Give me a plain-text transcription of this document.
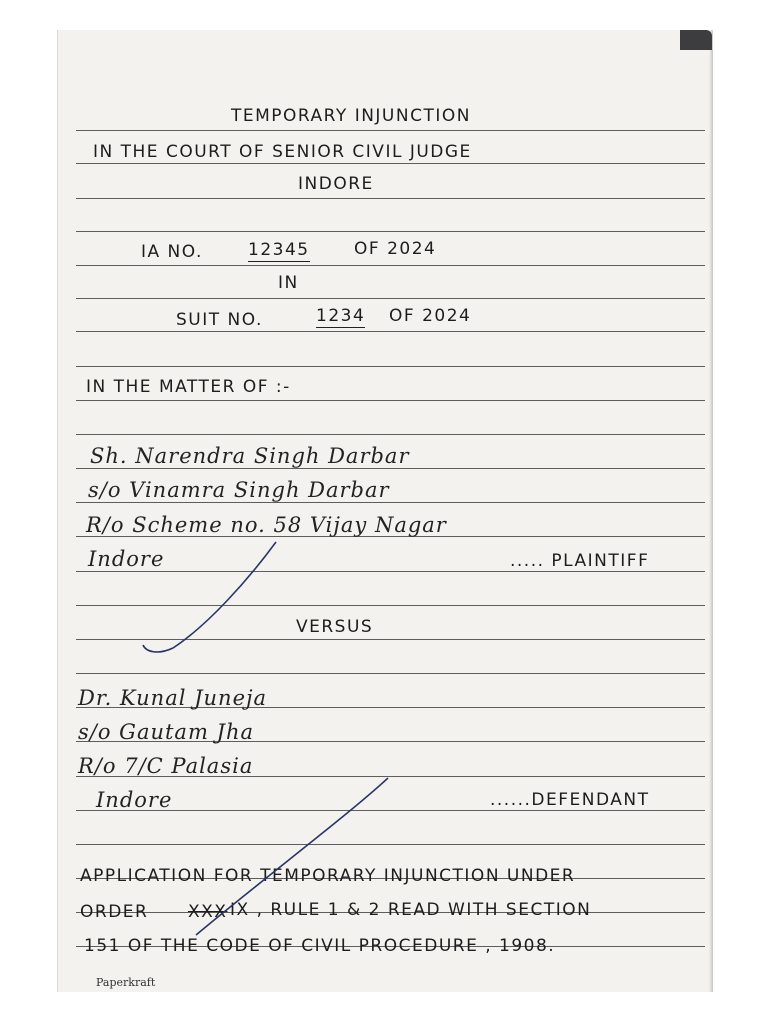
TEMPORARY INJUNCTION
IN THE COURT OF SENIOR CIVIL JUDGE
INDORE
IA NO.	12345	OF 2024
IN
SUIT NO.	1234 OF 2024
IN THE MATTER OF :-
Sh. Narendra Singh Darbar
s/o Vinamra Singh Darbar
R/o Scheme no. 58 Vijay Nagar
Indore	..... PLAINTIFF
VERSUS
Dr. Kunal Juneja
s/o Gautam Jha
R/o 7/C Palasia
Indore	......DEFENDANT
APPLICATION FOR TEMPORARY INJUNCTION UNDER
ORDER XXX IX , RULE 1 & 2 READ WITH SECTION
151 OF THE CODE OF CIVIL PROCEDURE , 1908.
Paperkraft
